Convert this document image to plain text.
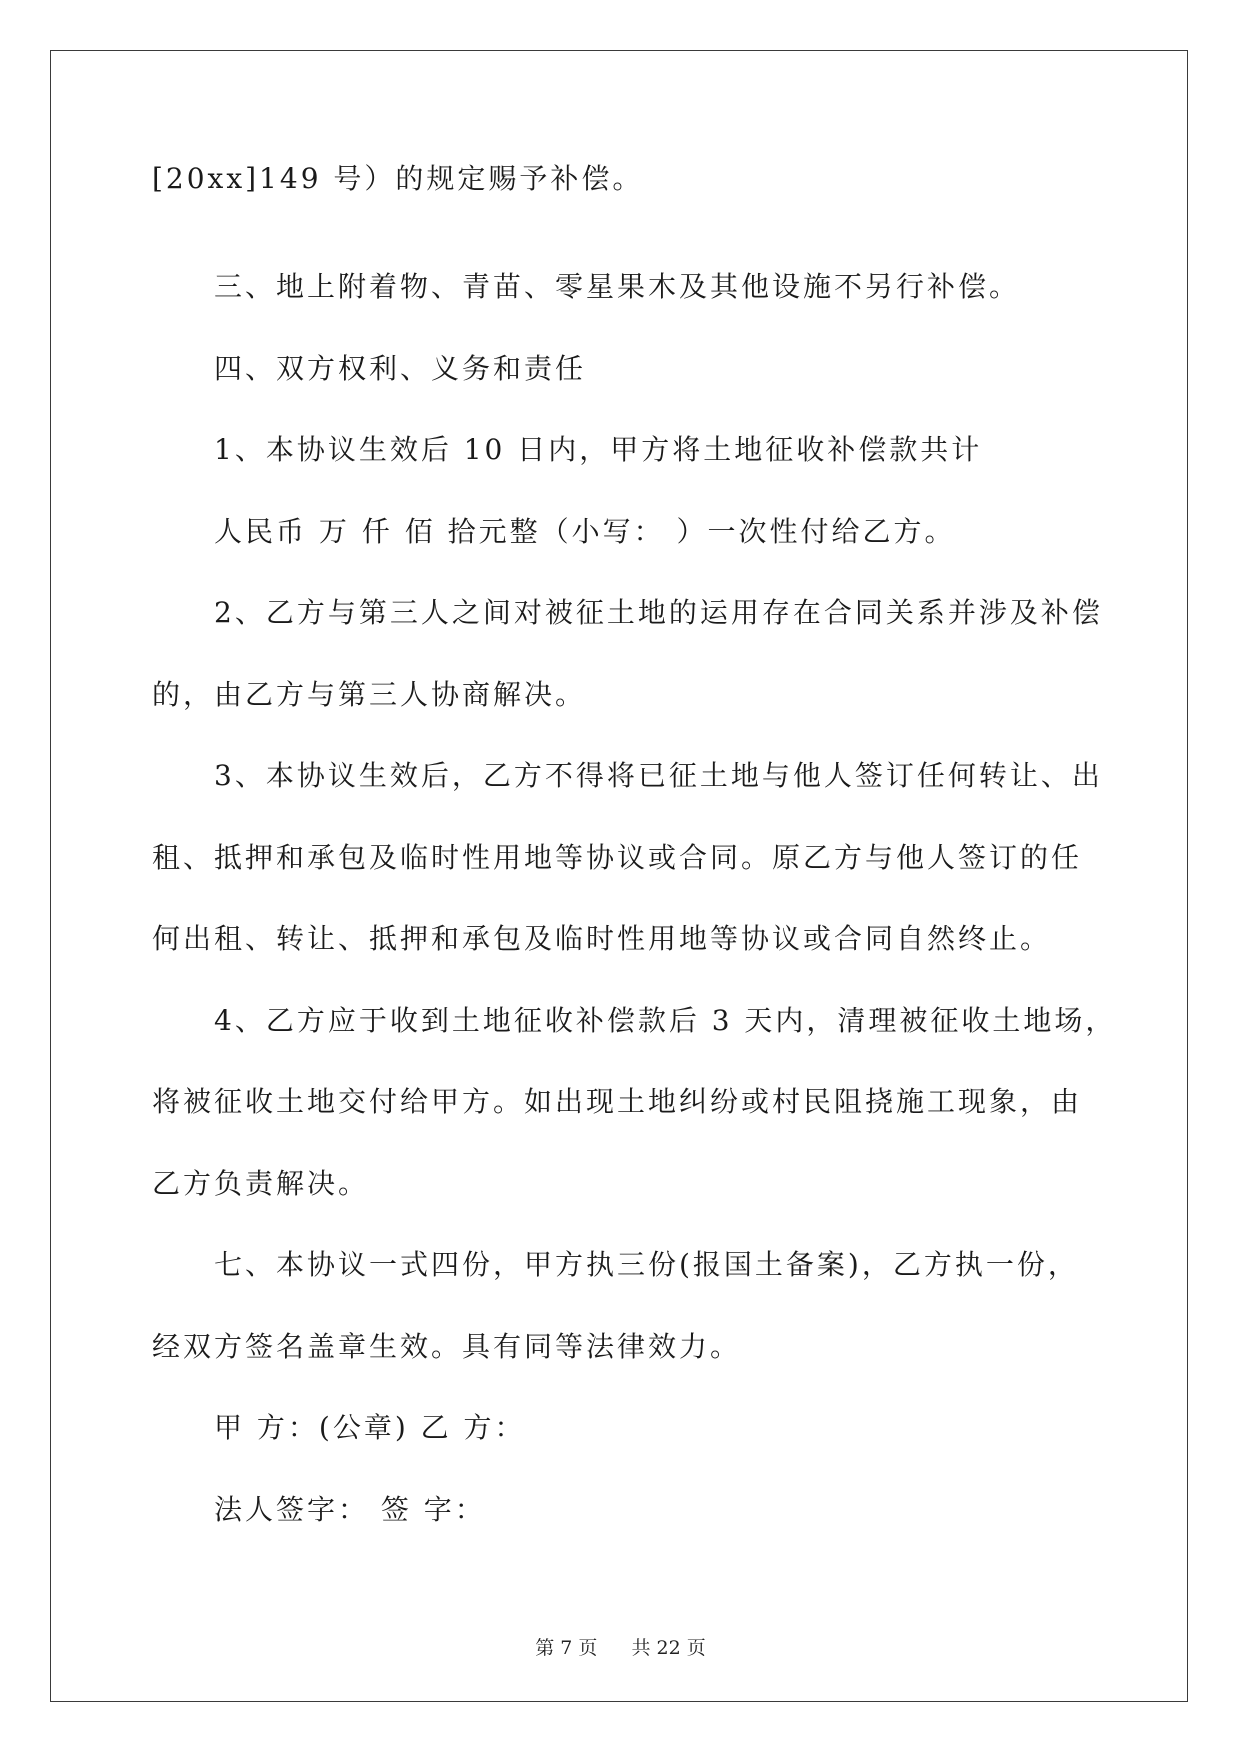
[20xx]149 号）的规定赐予补偿。
三、地上附着物、青苗、零星果木及其他设施不另行补偿。
四、双方权利、义务和责任
1、本协议生效后 10 日内，甲方将土地征收补偿款共计
人民币 万 仟 佰 拾元整（小写： ）一次性付给乙方。
2、乙方与第三人之间对被征土地的运用存在合同关系并涉及补偿
的，由乙方与第三人协商解决。
3、本协议生效后，乙方不得将已征土地与他人签订任何转让、出
租、抵押和承包及临时性用地等协议或合同。原乙方与他人签订的任
何出租、转让、抵押和承包及临时性用地等协议或合同自然终止。
4、乙方应于收到土地征收补偿款后 3 天内，清理被征收土地场，
将被征收土地交付给甲方。如出现土地纠纷或村民阻挠施工现象，由
乙方负责解决。
七、本协议一式四份，甲方执三份(报国土备案)，乙方执一份，
经双方签名盖章生效。具有同等法律效力。
甲 方：(公章) 乙 方：
法人签字： 签 字：
第 7 页 共 22 页
